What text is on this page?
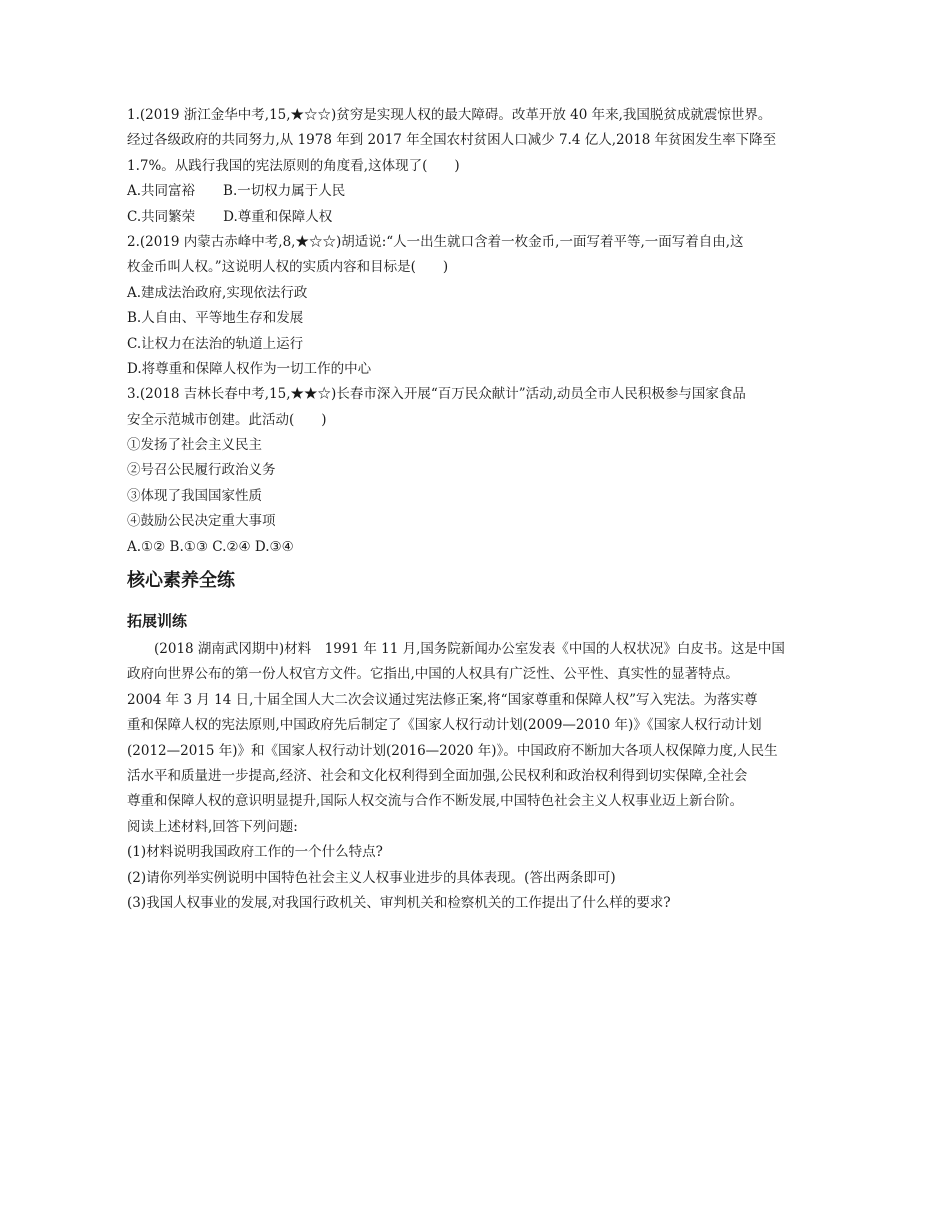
1.(2019 浙江金华中考,15,★☆☆)贫穷是实现人权的最大障碍。改革开放 40 年来,我国脱贫成就震惊世界。
经过各级政府的共同努力,从 1978 年到 2017 年全国农村贫困人口减少 7.4 亿人,2018 年贫困发生率下降至
1.7%。从践行我国的宪法原则的角度看,这体现了(　　)
A.共同富裕 B.一切权力属于人民
C.共同繁荣 D.尊重和保障人权
2.(2019 内蒙古赤峰中考,8,★☆☆)胡适说:“人一出生就口含着一枚金币,一面写着平等,一面写着自由,这
枚金币叫人权。”这说明人权的实质内容和目标是(　　)
A.建成法治政府,实现依法行政
B.人自由、平等地生存和发展
C.让权力在法治的轨道上运行
D.将尊重和保障人权作为一切工作的中心
3.(2018 吉林长春中考,15,★★☆)长春市深入开展“百万民众献计”活动,动员全市人民积极参与国家食品
安全示范城市创建。此活动(　　)
①发扬了社会主义民主
②号召公民履行政治义务
③体现了我国国家性质
④鼓励公民决定重大事项
A.①② B.①③ C.②④ D.③④
核心素养全练
拓展训练
(2018 湖南武冈期中)材料　1991 年 11 月,国务院新闻办公室发表《中国的人权状况》白皮书。这是中国
政府向世界公布的第一份人权官方文件。它指出,中国的人权具有广泛性、公平性、真实性的显著特点。
2004 年 3 月 14 日,十届全国人大二次会议通过宪法修正案,将“国家尊重和保障人权”写入宪法。为落实尊
重和保障人权的宪法原则,中国政府先后制定了《国家人权行动计划(2009—2010 年)》《国家人权行动计划
(2012—2015 年)》和《国家人权行动计划(2016—2020 年)》。中国政府不断加大各项人权保障力度,人民生
活水平和质量进一步提高,经济、社会和文化权利得到全面加强,公民权利和政治权利得到切实保障,全社会
尊重和保障人权的意识明显提升,国际人权交流与合作不断发展,中国特色社会主义人权事业迈上新台阶。
阅读上述材料,回答下列问题:
(1)材料说明我国政府工作的一个什么特点?
(2)请你列举实例说明中国特色社会主义人权事业进步的具体表现。(答出两条即可)
(3)我国人权事业的发展,对我国行政机关、审判机关和检察机关的工作提出了什么样的要求?
